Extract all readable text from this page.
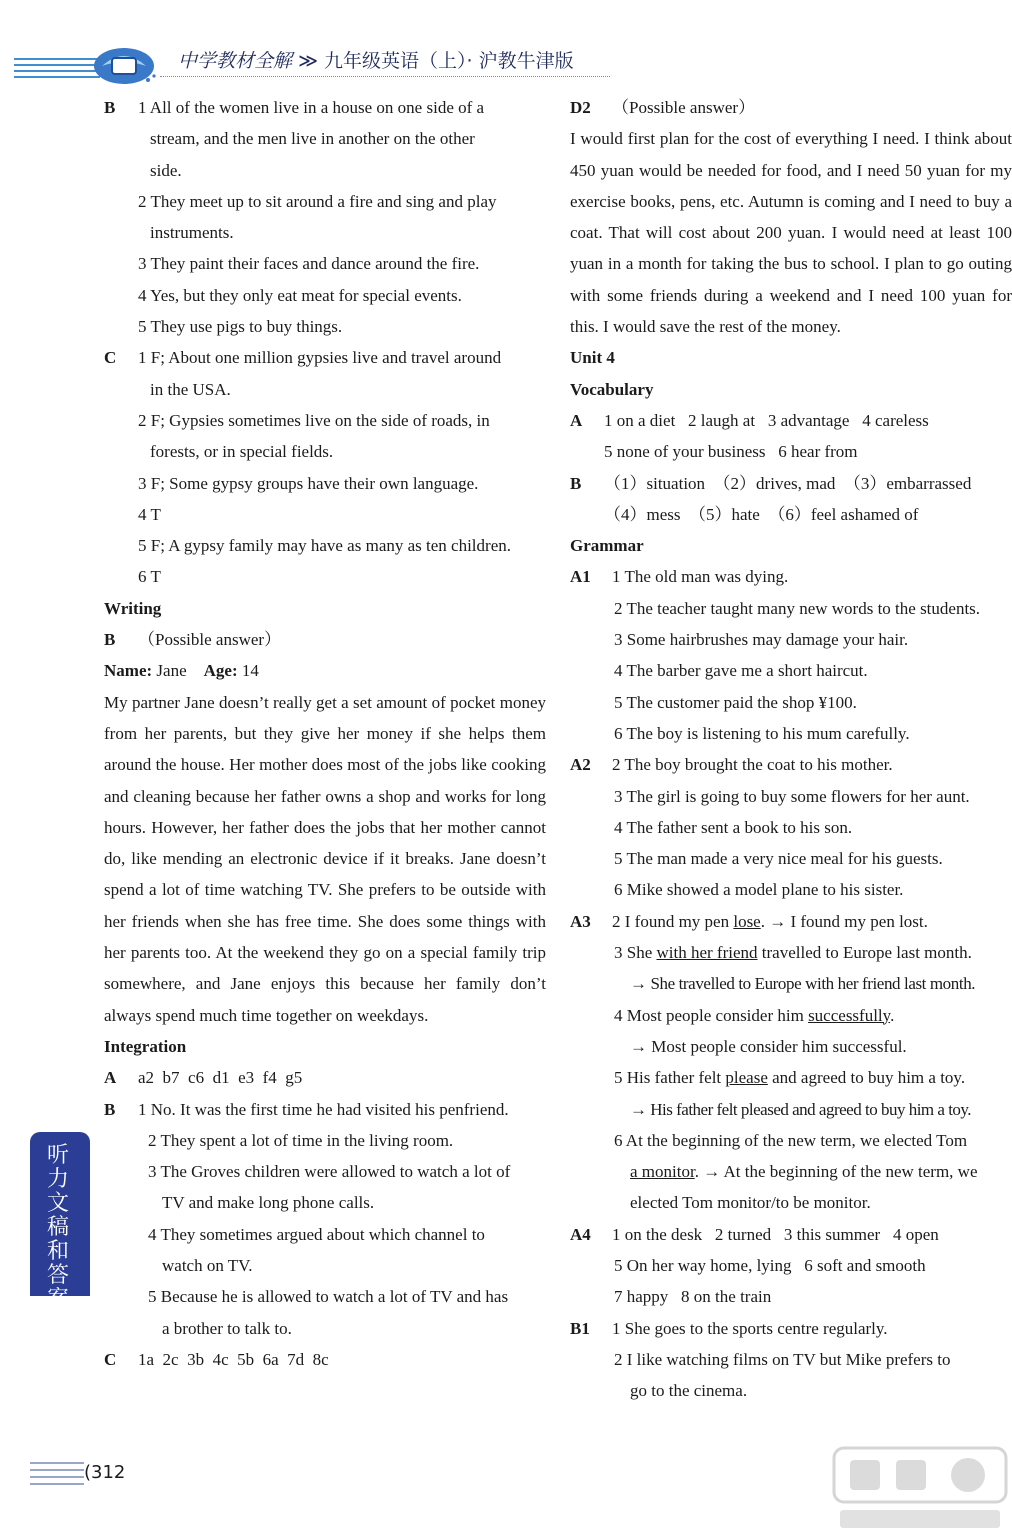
中学教材全解 ≫ 九年级英语（上）· 沪教牛津版
B 1 All of the women live in a house on one side of a
stream, and the men live in another on the other
side.
2 They meet up to sit around a fire and sing and play
instruments.
3 They paint their faces and dance around the fire.
4 Yes, but they only eat meat for special events.
5 They use pigs to buy things.
C 1 F; About one million gypsies live and travel around
in the USA.
2 F; Gypsies sometimes live on the side of roads, in
forests, or in special fields.
3 F; Some gypsy groups have their own language.
4 T
5 F; A gypsy family may have as many as ten children.
6 T
Writing
B （Possible answer）
Name: Jane Age: 14
My partner Jane doesn’t really get a set amount of pocket money from her parents, but they give her money if she helps them around the house. Her mother does most of the jobs like cooking and cleaning because her father owns a shop and works for long hours. However, her father does the jobs that her mother cannot do, like mending an electronic device if it breaks. Jane doesn’t spend a lot of time watching TV. She prefers to be outside with her friends when she has free time. She does some things with her parents too. At the weekend they go on a special family trip somewhere, and Jane enjoys this because her family don’t always spend much time together on weekdays.
Integration
A a2  b7  c6  d1  e3  f4  g5
B 1 No. It was the first time he had visited his penfriend.
2 They spent a lot of time in the living room.
3 The Groves children were allowed to watch a lot of
TV and make long phone calls.
4 They sometimes argued about which channel to
watch on TV.
5 Because he is allowed to watch a lot of TV and has
a brother to talk to.
C 1a  2c  3b  4c  5b  6a  7d  8c
D2 （Possible answer）
I would first plan for the cost of everything I need. I think about 450 yuan would be needed for food, and I need 50 yuan for my exercise books, pens, etc. Autumn is coming and I need to buy a coat. That will cost about 200 yuan. I would need at least 100 yuan in a month for taking the bus to school. I plan to go outing with some friends during a weekend and I need 100 yuan for this. I would save the rest of the money.
Unit 4
Vocabulary
A 1 on a diet   2 laugh at   3 advantage   4 careless
5 none of your business   6 hear from
B （1）situation  （2）drives, mad  （3）embarrassed
（4）mess  （5）hate  （6）feel ashamed of
Grammar
A1 1 The old man was dying.
2 The teacher taught many new words to the students.
3 Some hairbrushes may damage your hair.
4 The barber gave me a short haircut.
5 The customer paid the shop ¥100.
6 The boy is listening to his mum carefully.
A2 2 The boy brought the coat to his mother.
3 The girl is going to buy some flowers for her aunt.
4 The father sent a book to his son.
5 The man made a very nice meal for his guests.
6 Mike showed a model plane to his sister.
A3 2 I found my pen lose. → I found my pen lost.
3 She with her friend travelled to Europe last month.
→ She travelled to Europe with her friend last month.
4 Most people consider him successfully.
→ Most people consider him successful.
5 His father felt please and agreed to buy him a toy.
→ His father felt pleased and agreed to buy him a toy.
6 At the beginning of the new term, we elected Tom
a monitor. → At the beginning of the new term, we
elected Tom monitor/to be monitor.
A4 1 on the desk   2 turned   3 this summer   4 open
5 On her way home, lying   6 soft and smooth
7 happy   8 on the train
B1 1 She goes to the sports centre regularly.
2 I like watching films on TV but Mike prefers to
go to the cinema.
听力文稿和答案
(312
